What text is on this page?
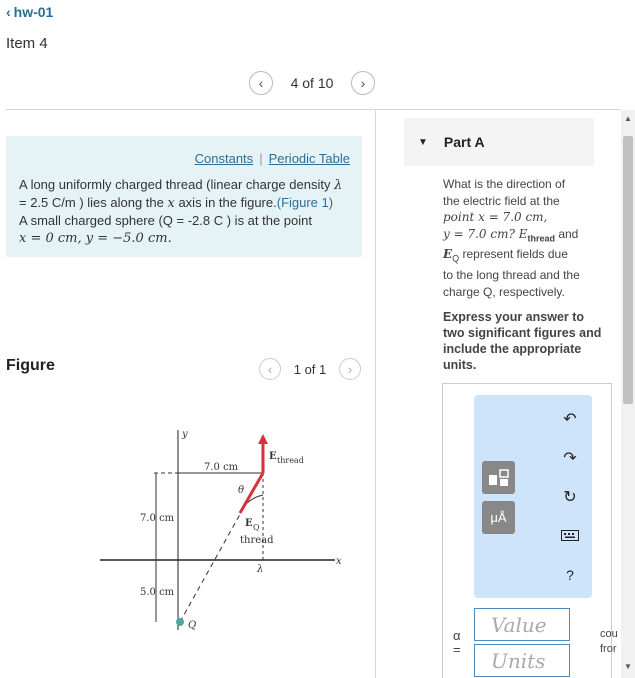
‹ hw-01
Item 4
‹ 4 of 10 ›
Constants | Periodic Table
A long uniformly charged thread (linear charge density λ
= 2.5 C/m ) lies along the x axis in the figure.(Figure 1)
A small charged sphere (Q = -2.8 C ) is at the point
x = 0 cm, y = −5.0 cm.
Figure	‹ 1 of 1 ›
x
y
7.0 cm
7.0 cm
5.0 cm
θ
E thread
E Q
thread
λ
Q
▼ Part A
What is the direction of
the electric field at the
point x = 7.0 cm,
y = 7.0 cm? $E_{thread}$ and
$E_Q$ represent fields due
to the long thread and the
charge Q, respectively.
Express your answer to two significant figures and include the appropriate units.
μÅ
↶
↷
↻
?
α
=
Value
Units
cou
fror
▲
▼
